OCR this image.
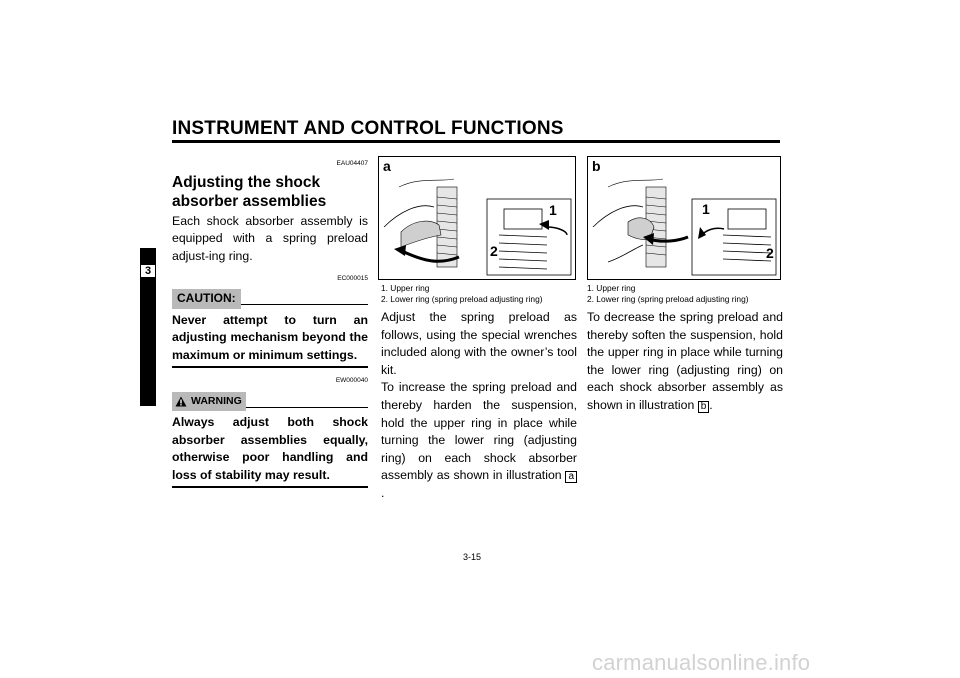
INSTRUMENT AND CONTROL FUNCTIONS
3
EAU04407
Adjusting the shock absorber assemblies
Each shock absorber assembly is equipped with a spring preload adjust-ing ring.
EC000015
CAUTION:
Never attempt to turn an adjusting mechanism beyond the maximum or minimum settings.
EW000040
WARNING
Always adjust both shock absorber assemblies equally, otherwise poor handling and loss of stability may result.
a
1
2
1. Upper ring
2. Lower ring (spring preload adjusting ring)
Adjust the spring preload as follows, using the special wrenches included along with the owner’s tool kit.
To increase the spring preload and thereby harden the suspension, hold the upper ring in place while turning the lower ring (adjusting ring) on each shock absorber assembly as shown in illustration a.
b
1
2
1. Upper ring
2. Lower ring (spring preload adjusting ring)
To decrease the spring preload and thereby soften the suspension, hold the upper ring in place while turning the lower ring (adjusting ring) on each shock absorber assembly as shown in illustration b .
3-15
carmanualsonline.info
